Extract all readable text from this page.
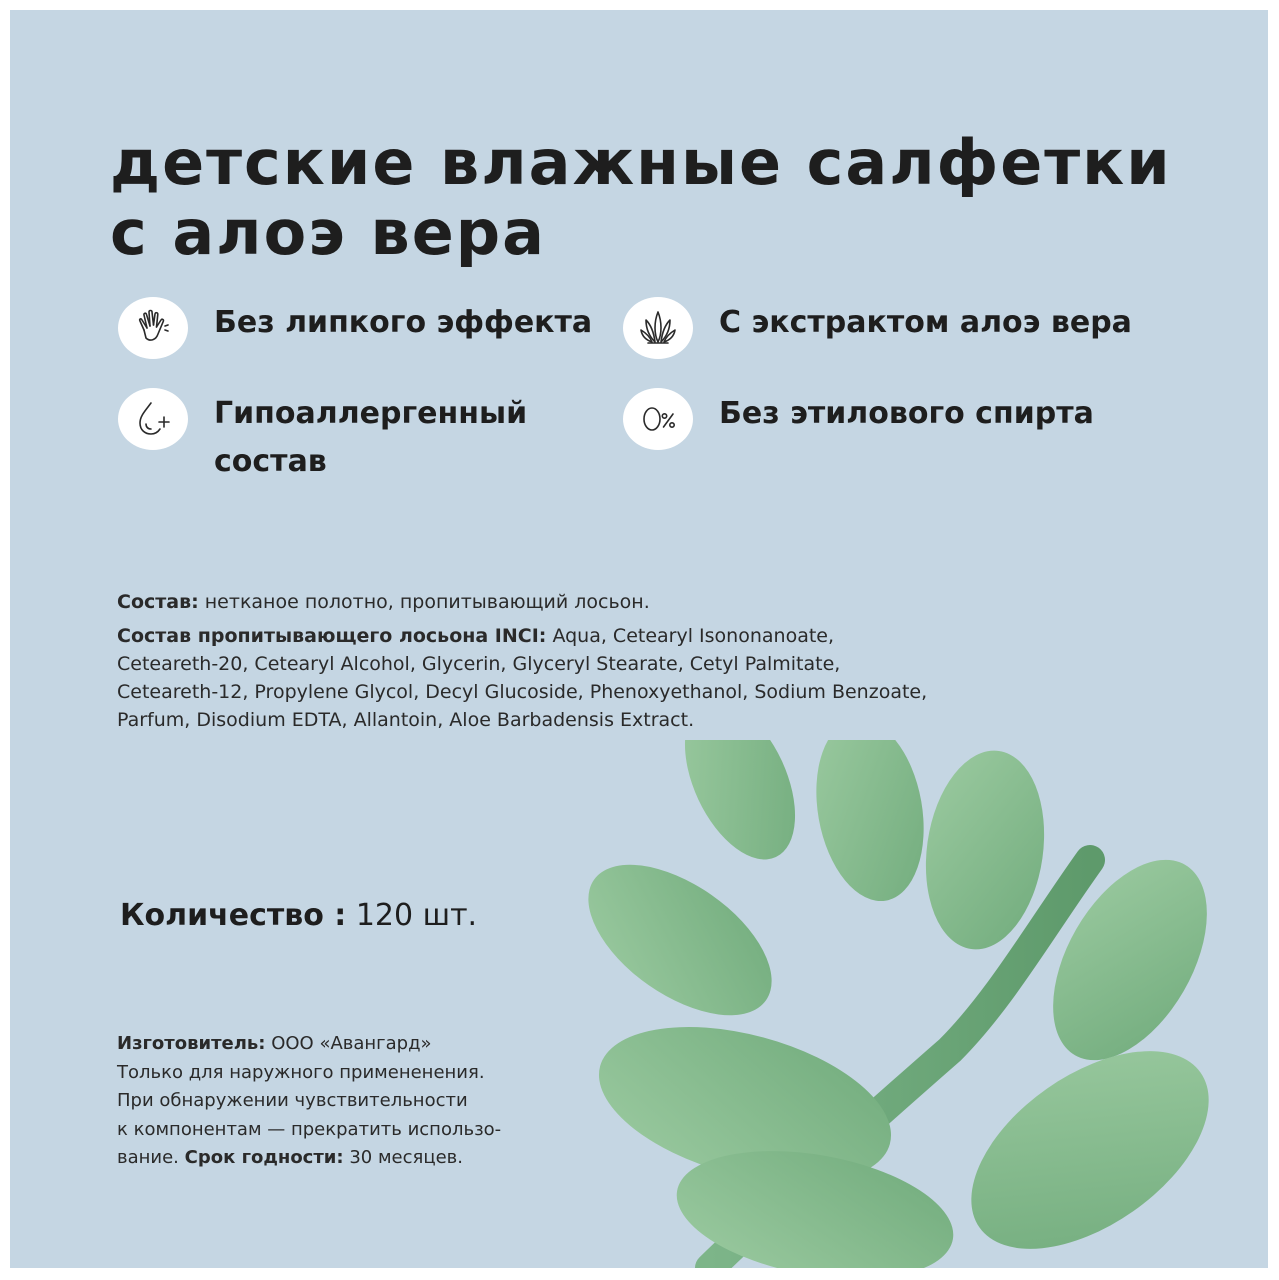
детские влажные салфетки
с алоэ вера
Без липкого эффекта	С экстрактом алоэ вера
Гипоаллергенный
состав
Без этилового спирта

Состав: нетканое полотно, пропитывающий лосьон.

Состав пропитывающего лосьона INCI: Aqua, Cetearyl Isononanoate,
Ceteareth-20, Cetearyl Alcohol, Glycerin, Glyceryl Stearate, Cetyl Palmitate,
Ceteareth-12, Propylene Glycol, Decyl Glucoside, Phenoxyethanol, Sodium Benzoate,
Parfum, Disodium EDTA, Allantoin, Aloe Barbadensis Extract.
Количество : 120 шт.
Изготовитель: ООО «Авангард»
Только для наружного примененения.
При обнаружении чувствительности
к компонентам — прекратить использо-
вание. Срок годности: 30 месяцев.
